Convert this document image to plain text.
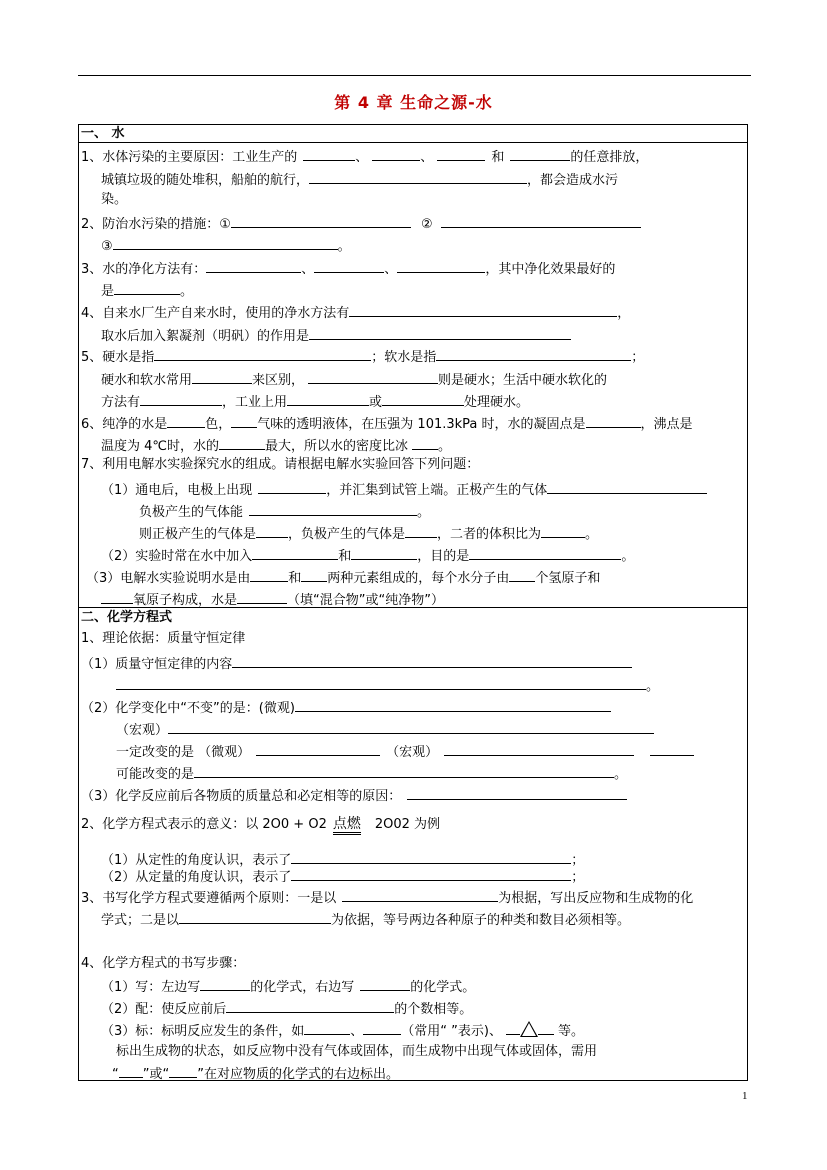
第 4 章 生命之源-水
一、 水
1、水体污染的主要原因：工业生产的	、	、	和	的任意排放，
城镇垃圾的随处堆积，船舶的航行，	，都会造成水污
染。
2、防治水污染的措施：①	②
③	。
3、水的净化方法有：	、	、	，其中净化效果最好的
是	。
4、自来水厂生产自来水时，使用的净水方法有	，
取水后加入絮凝剂（明矾）的作用是
5、硬水是指	；软水是指	；
硬水和软水常用	来区别，	则是硬水；生活中硬水软化的
方法有	，工业上用	或	处理硬水。
6、纯净的水是	色， 气味的透明液体，在压强为 101.3kPa 时，水的凝固点是	，沸点是
温度为 4℃时，水的	最大，所以水的密度比冰 。
7、利用电解水实验探究水的组成。请根据电解水实验回答下列问题：
（1）通电后，电极上出现	，并汇集到试管上端。正极产生的气体
负极产生的气体能	。
则正极产生的气体是 ，负极产生的气体是 ，二者的体积比为	。
（2）实验时常在水中加入	和	，目的是	。
（3）电解水实验说明水是由	和 两种元素组成的，每个水分子由 个氢原子和
氧原子构成，水是	（填“混合物”或“纯净物”）
二、化学方程式
1、理论依据：质量守恒定律
（1）质量守恒定律的内容
。
（2）化学变化中“不变”的是：(微观)
（宏观）
一定改变的是 （微观）	（宏观）
可能改变的是	。
（3）化学反应前后各物质的质量总和必定相等的原因：
2、化学方程式表示的意义：以 2O0 + O2 点燃 2O02 为例
（1）从定性的角度认识，表示了	；
（2）从定量的角度认识，表示了	；
3、书写化学方程式要遵循两个原则：一是以	为根据，写出反应物和生成物的化
学式；二是以	为依据，等号两边各种原子的种类和数目必须相等。
4、化学方程式的书写步骤：
（1）写：左边写	的化学式，右边写	的化学式。
（2）配：使反应前后	的个数相等。
（3）标：标明反应发生的条件，如	、	（常用“ ”表示)、	等。
标出生成物的状态，如反应物中没有气体或固体，而生成物中出现气体或固体，需用
“ ”或“ ”在对应物质的化学式的右边标出。
1
